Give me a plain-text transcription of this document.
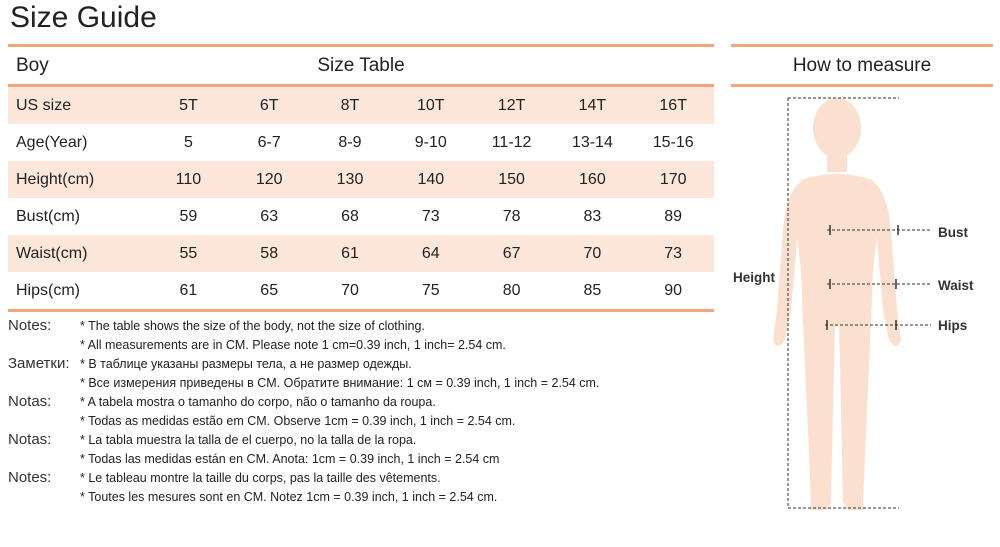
Size Guide
Boy	Size Table
US size	5T	6T	8T	10T	12T	14T	16T
Age(Year)	5	6-7	8-9	9-10	11-12	13-14	15-16
Height(cm)	110	120	130	140	150	160	170
Bust(cm)	59	63	68	73	78	83	89
Waist(cm)	55	58	61	64	67	70	73
Hips(cm)	61	65	70	75	80	85	90
Notes:	* The table shows the size of the body, not the size of clothing.
* All measurements are in CM. Please note 1 cm=0.39 inch, 1 inch= 2.54 cm.
Заметки: * В таблице указаны размеры тела, а не размер одежды.
* Все измерения приведены в CM. Обратите внимание: 1 см = 0.39 inch, 1 inch = 2.54 cm.
Notas:	* A tabela mostra o tamanho do corpo, não o tamanho da roupa.
* Todas as medidas estão em CM. Observe 1cm = 0.39 inch, 1 inch = 2.54 cm.
Notas:	* La tabla muestra la talla de el cuerpo, no la talla de la ropa.
* Todas las medidas están en CM. Anota: 1cm = 0.39 inch, 1 inch = 2.54 cm
Notes:	* Le tableau montre la taille du corps, pas la taille des vêtements.
* Toutes les mesures sont en CM. Notez 1cm = 0.39 inch, 1 inch = 2.54 cm.
How to measure
Height
Bust
Waist
Hips
